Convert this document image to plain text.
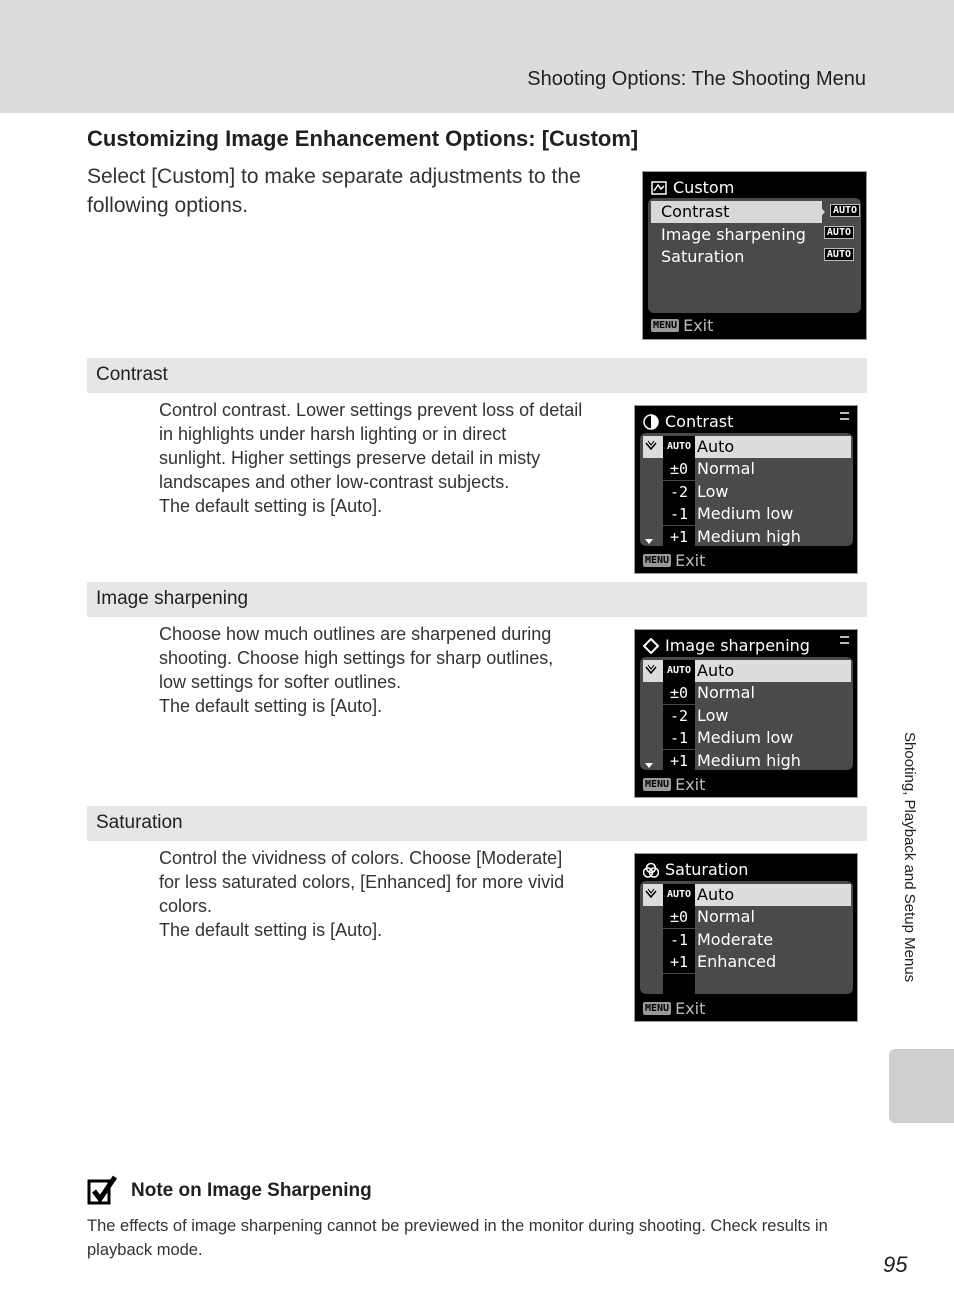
Shooting Options: The Shooting Menu
Customizing Image Enhancement Options: [Custom]
Select [Custom] to make separate adjustments to the following options.
Custom
Contrast	AUTO
Image sharpening	AUTO
Saturation	AUTO
MENU Exit
Contrast
Control contrast. Lower settings prevent loss of detail
in highlights under harsh lighting or in direct
sunlight. Higher settings preserve detail in misty
landscapes and other low-contrast subjects.
The default setting is [Auto].
Contrast
AUTO Auto
±0 Normal
-2 Low
-1 Medium low
+1 Medium high
MENU Exit
Image sharpening
Choose how much outlines are sharpened during
shooting. Choose high settings for sharp outlines,
low settings for softer outlines.
The default setting is [Auto].
Image sharpening
AUTO Auto
±0 Normal
-2 Low
-1 Medium low
+1 Medium high
MENU Exit
Saturation
Control the vividness of colors. Choose [Moderate]
for less saturated colors, [Enhanced] for more vivid
colors.
The default setting is [Auto].
Saturation
AUTO Auto
±0 Normal
-1 Moderate
+1 Enhanced
MENU Exit
Shooting, Playback and Setup Menus
Note on Image Sharpening
The effects of image sharpening cannot be previewed in the monitor during shooting. Check results in playback mode.
95
